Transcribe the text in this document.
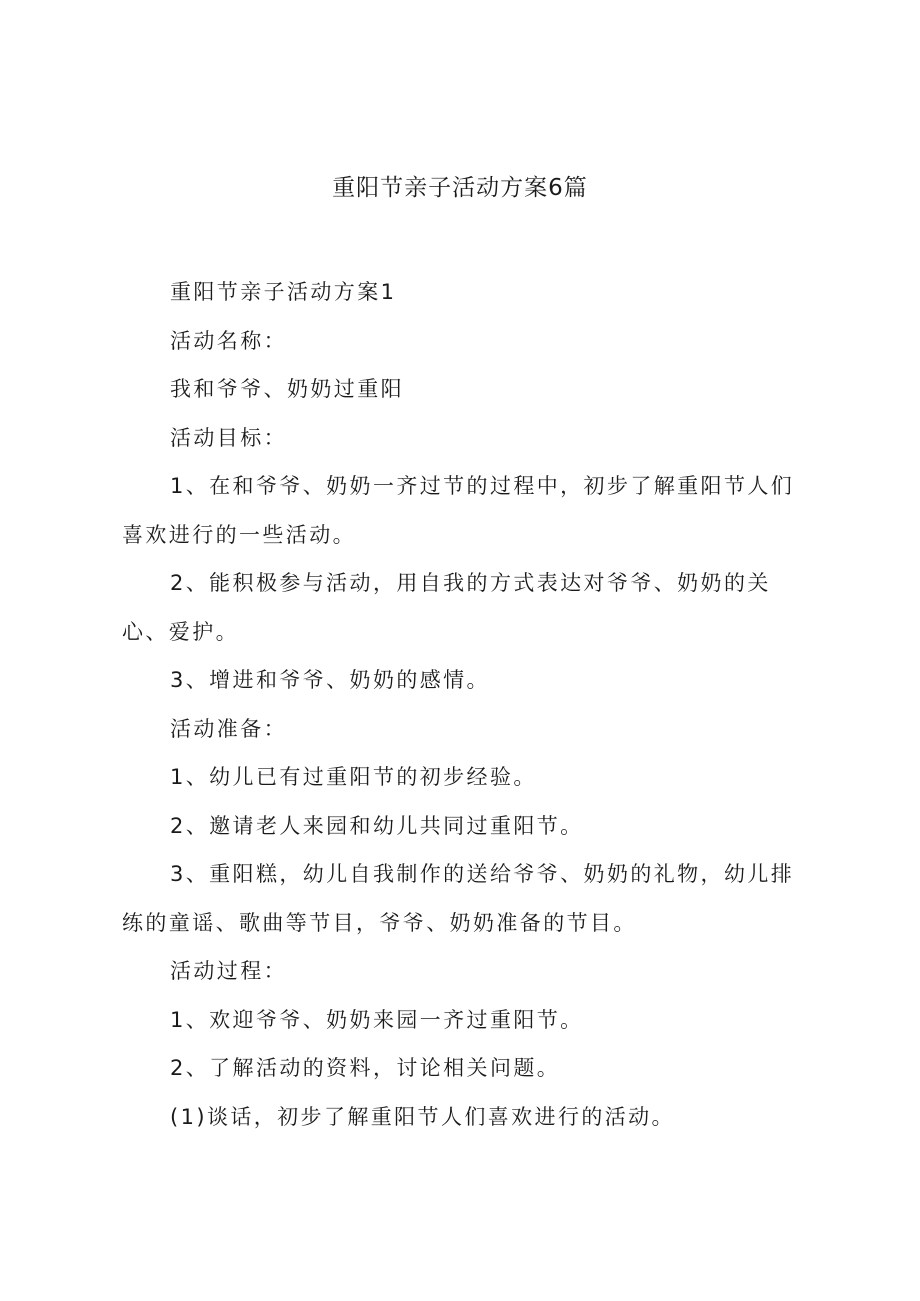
重阳节亲子活动方案6篇

重阳节亲子活动方案1

活动名称：

我和爷爷、奶奶过重阳

活动目标：

1、在和爷爷、奶奶一齐过节的过程中，初步了解重阳节人们喜欢进行的一些活动。

2、能积极参与活动，用自我的方式表达对爷爷、奶奶的关心、爱护。

3、增进和爷爷、奶奶的感情。

活动准备：

1、幼儿已有过重阳节的初步经验。

2、邀请老人来园和幼儿共同过重阳节。

3、重阳糕，幼儿自我制作的送给爷爷、奶奶的礼物，幼儿排练的童谣、歌曲等节目，爷爷、奶奶准备的节目。

活动过程：

1、欢迎爷爷、奶奶来园一齐过重阳节。

2、了解活动的资料，讨论相关问题。

(1)谈话，初步了解重阳节人们喜欢进行的活动。
